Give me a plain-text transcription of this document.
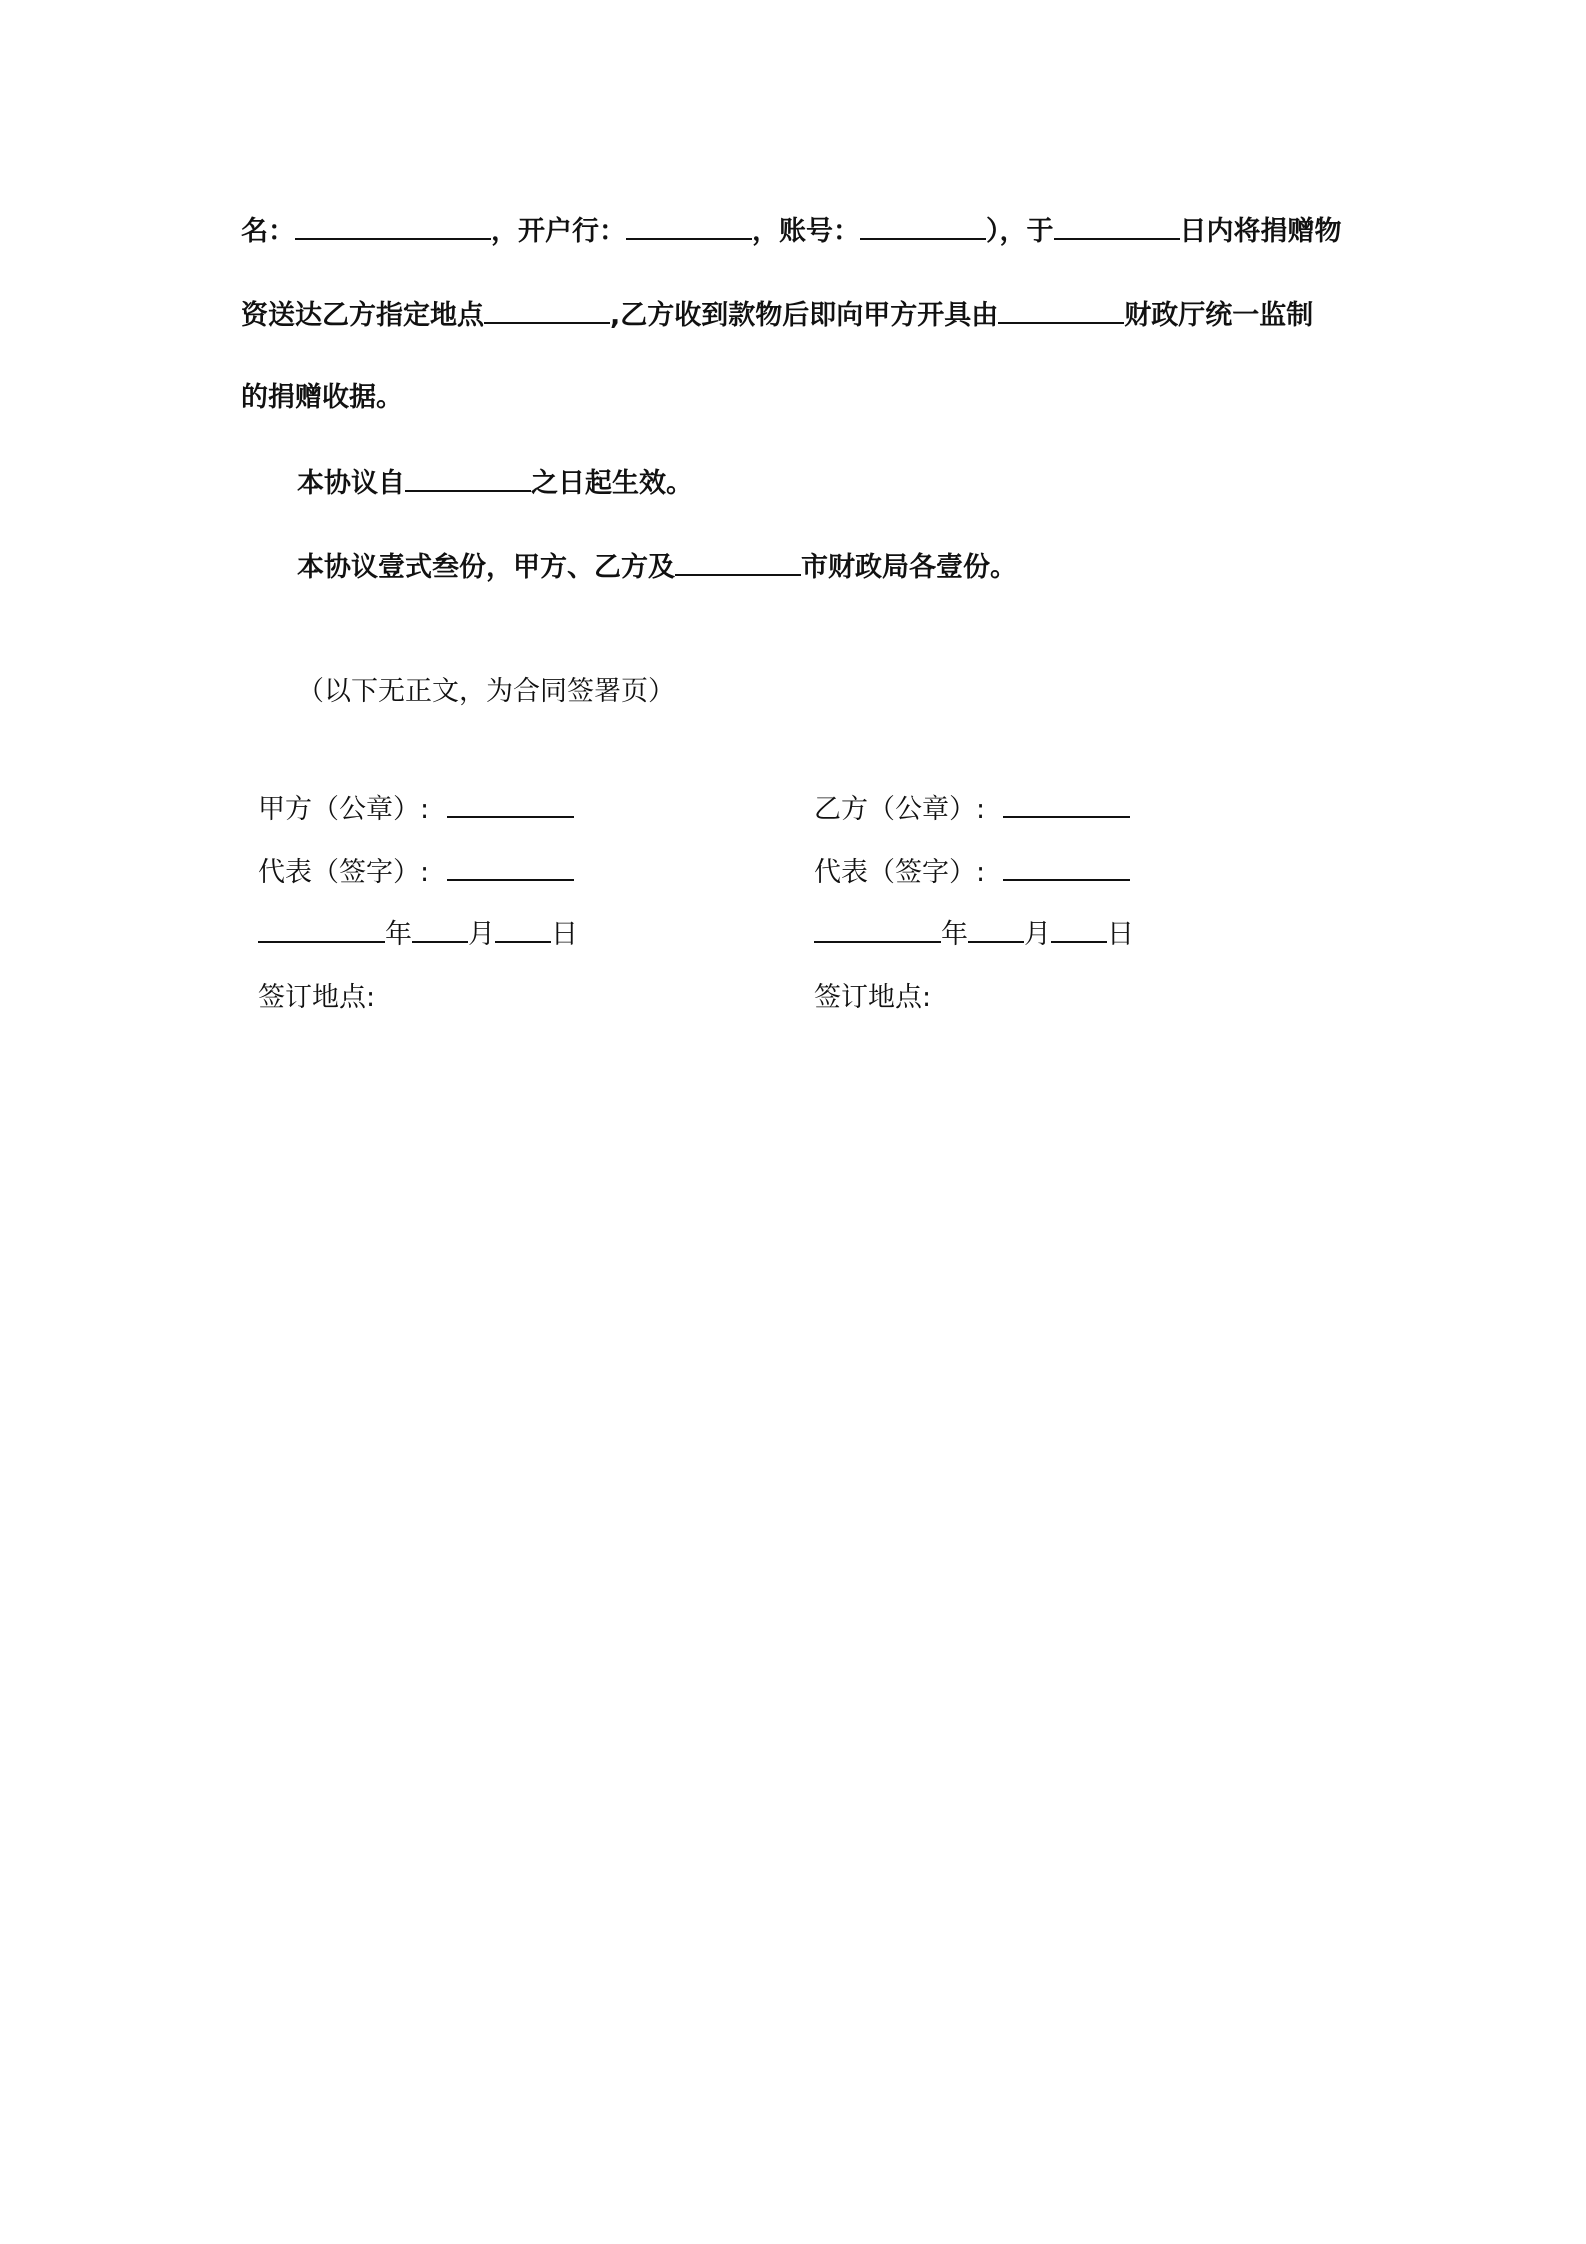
名：	，开户行：	，账号：	），于	日内将捐赠物
资送达乙方指定地点	,乙方收到款物后即向甲方开具由	财政厅统一监制
的捐赠收据。
本协议自	之日起生效。
本协议壹式叁份，甲方、乙方及	市财政局各壹份。
（以下无正文，为合同签署页）
甲方（公章）:
代表（签字）:
年 月 日
签订地点:
乙方（公章）:
代表（签字）:
年 月 日
签订地点:
